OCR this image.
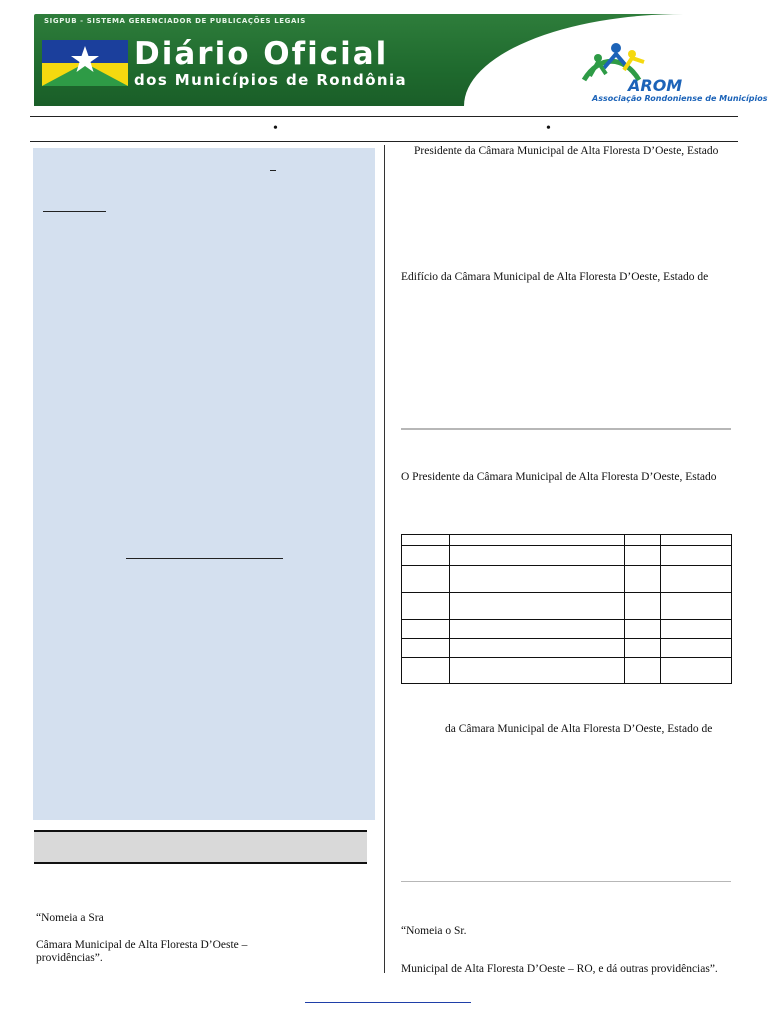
SIGPUB - SISTEMA GERENCIADOR DE PUBLICAÇÕES LEGAIS
Diário Oficial
dos Municípios de Rondônia	AROM
Associação Rondoniense de Municípios
•	•
“Nomeia a Sra
Câmara Municipal de Alta Floresta D’Oeste –
providências”.
Presidente da Câmara Municipal de Alta Floresta D’Oeste, Estado
Edifício da Câmara Municipal de Alta Floresta D’Oeste, Estado de
O Presidente da Câmara Municipal de Alta Floresta D’Oeste, Estado
da Câmara Municipal de Alta Floresta D’Oeste, Estado de
“Nomeia o Sr.
Municipal de Alta Floresta D’Oeste – RO, e dá outras providências”.
